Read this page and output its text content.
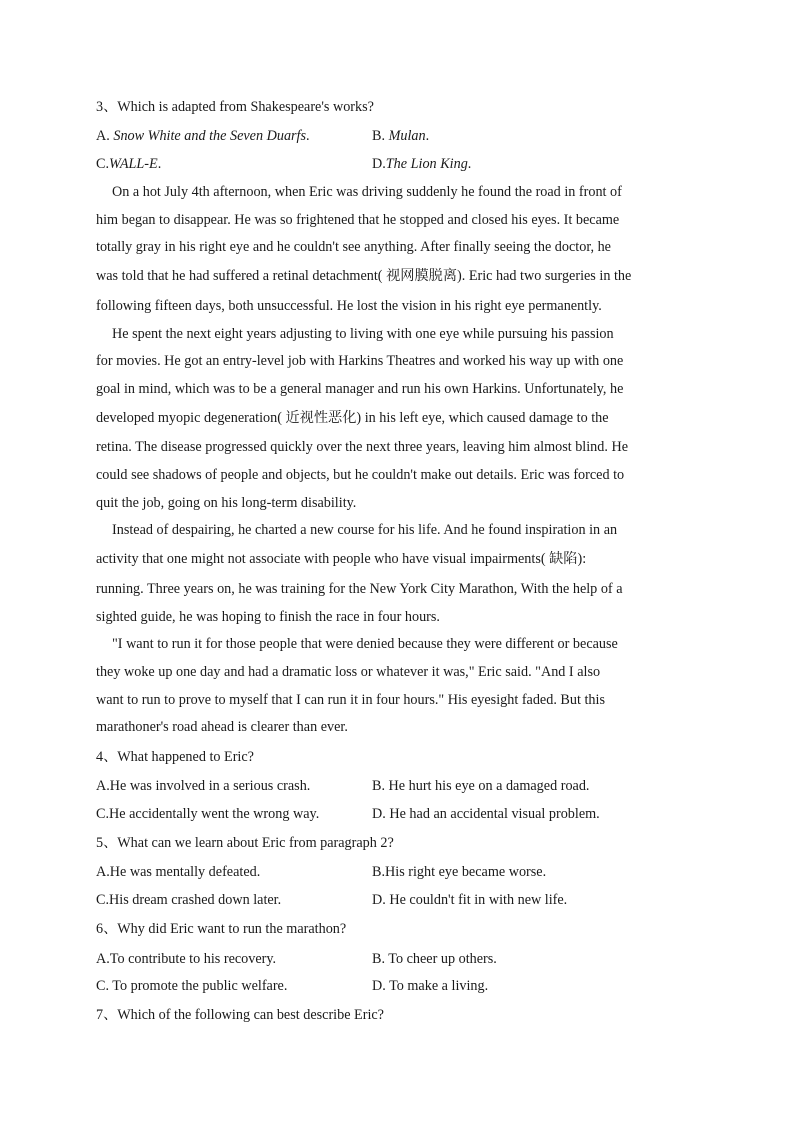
3、Which is adapted from Shakespeare's works?
A. Snow White and the Seven Duarfs.	B. Mulan.
C.WALL-E.	D.The Lion King.
On a hot July 4th afternoon, when Eric was driving suddenly he found the road in front of
him began to disappear. He was so frightened that he stopped and closed his eyes. It became
totally gray in his right eye and he couldn't see anything. After finally seeing the doctor, he
was told that he had suffered a retinal detachment( 视网膜脱离). Eric had two surgeries in the
following fifteen days, both unsuccessful. He lost the vision in his right eye permanently.
He spent the next eight years adjusting to living with one eye while pursuing his passion
for movies. He got an entry-level job with Harkins Theatres and worked his way up with one
goal in mind, which was to be a general manager and run his own Harkins. Unfortunately, he
developed myopic degeneration( 近视性恶化) in his left eye, which caused damage to the
retina. The disease progressed quickly over the next three years, leaving him almost blind. He
could see shadows of people and objects, but he couldn't make out details. Eric was forced to
quit the job, going on his long-term disability.
Instead of despairing, he charted a new course for his life. And he found inspiration in an
activity that one might not associate with people who have visual impairments( 缺陷):
running. Three years on, he was training for the New York City Marathon, With the help of a
sighted guide, he was hoping to finish the race in four hours.
"I want to run it for those people that were denied because they were different or because
they woke up one day and had a dramatic loss or whatever it was," Eric said. "And I also
want to run to prove to myself that I can run it in four hours." His eyesight faded. But this
marathoner's road ahead is clearer than ever.
4、What happened to Eric?
A.He was involved in a serious crash.	B. He hurt his eye on a damaged road.
C.He accidentally went the wrong way.	D. He had an accidental visual problem.
5、What can we learn about Eric from paragraph 2?
A.He was mentally defeated.	B.His right eye became worse.
C.His dream crashed down later.	D. He couldn't fit in with new life.
6、Why did Eric want to run the marathon?
A.To contribute to his recovery.	B. To cheer up others.
C. To promote the public welfare.	D. To make a living.
7、Which of the following can best describe Eric?
